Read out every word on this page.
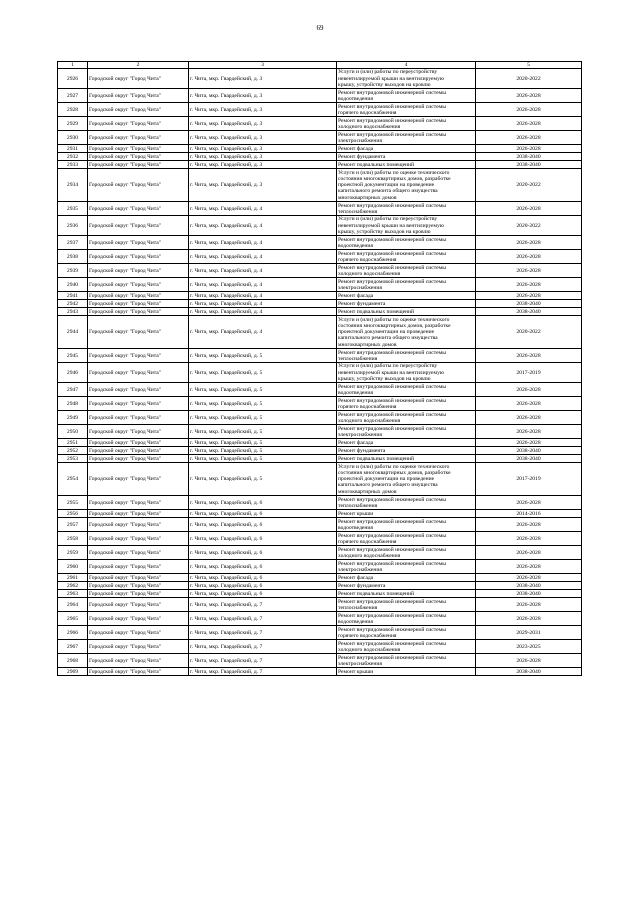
69
1	2	3	4	5
2926	Городской округ "Город Чита"	г. Чита, мкр. Гвардейский, д. 3	Услуги и (или) работы по переустройству
невентилируемой крыши на вентилируемую
крышу, устройству выходов на кровлю	2020-2022
2927	Городской округ "Город Чита"	г. Чита, мкр. Гвардейский, д. 3	Ремонт внутридомовой инженерной системы
водоотведения	2026-2028
2928	Городской округ "Город Чита"	г. Чита, мкр. Гвардейский, д. 3	Ремонт внутридомовой инженерной системы
горячего водоснабжения	2026-2028
2929	Городской округ "Город Чита"	г. Чита, мкр. Гвардейский, д. 3	Ремонт внутридомовой инженерной системы
холодного водоснабжения	2026-2028
2930	Городской округ "Город Чита"	г. Чита, мкр. Гвардейский, д. 3	Ремонт внутридомовой инженерной системы
электроснабжения	2026-2028
2931	Городской округ "Город Чита"	г. Чита, мкр. Гвардейский, д. 3	Ремонт фасада	2026-2028
2932	Городской округ "Город Чита"	г. Чита, мкр. Гвардейский, д. 3	Ремонт фундамента	2038-2040
2933	Городской округ "Город Чита"	г. Чита, мкр. Гвардейский, д. 3	Ремонт подвальных помещений	2038-2040
2934	Городской округ "Город Чита"	г. Чита, мкр. Гвардейский, д. 3	Услуги и (или) работы по оценке технического
состояния многоквартирных домов, разработке
проектной документации на проведение
капитального ремонта общего имущества
многоквартирных домов	2020-2022
2935	Городской округ "Город Чита"	г. Чита, мкр. Гвардейский, д. 4	Ремонт внутридомовой инженерной системы
теплоснабжения	2026-2028
2936	Городской округ "Город Чита"	г. Чита, мкр. Гвардейский, д. 4	Услуги и (или) работы по переустройству
невентилируемой крыши на вентилируемую
крышу, устройству выходов на кровлю	2020-2022
2937	Городской округ "Город Чита"	г. Чита, мкр. Гвардейский, д. 4	Ремонт внутридомовой инженерной системы
водоотведения	2026-2028
2938	Городской округ "Город Чита"	г. Чита, мкр. Гвардейский, д. 4	Ремонт внутридомовой инженерной системы
горячего водоснабжения	2026-2028
2939	Городской округ "Город Чита"	г. Чита, мкр. Гвардейский, д. 4	Ремонт внутридомовой инженерной системы
холодного водоснабжения	2026-2028
2940	Городской округ "Город Чита"	г. Чита, мкр. Гвардейский, д. 4	Ремонт внутридомовой инженерной системы
электроснабжения	2026-2028
2941	Городской округ "Город Чита"	г. Чита, мкр. Гвардейский, д. 4	Ремонт фасада	2026-2028
2942	Городской округ "Город Чита"	г. Чита, мкр. Гвардейский, д. 4	Ремонт фундамента	2038-2040
2943	Городской округ "Город Чита"	г. Чита, мкр. Гвардейский, д. 4	Ремонт подвальных помещений	2038-2040
2944	Городской округ "Город Чита"	г. Чита, мкр. Гвардейский, д. 4	Услуги и (или) работы по оценке технического
состояния многоквартирных домов, разработке
проектной документации на проведение
капитального ремонта общего имущества
многоквартирных домов	2020-2022
2945	Городской округ "Город Чита"	г. Чита, мкр. Гвардейский, д. 5	Ремонт внутридомовой инженерной системы
теплоснабжения	2026-2028
2946	Городской округ "Город Чита"	г. Чита, мкр. Гвардейский, д. 5	Услуги и (или) работы по переустройству
невентилируемой крыши на вентилируемую
крышу, устройству выходов на кровлю	2017-2019
2947	Городской округ "Город Чита"	г. Чита, мкр. Гвардейский, д. 5	Ремонт внутридомовой инженерной системы
водоотведения	2026-2028
2948	Городской округ "Город Чита"	г. Чита, мкр. Гвардейский, д. 5	Ремонт внутридомовой инженерной системы
горячего водоснабжения	2026-2028
2949	Городской округ "Город Чита"	г. Чита, мкр. Гвардейский, д. 5	Ремонт внутридомовой инженерной системы
холодного водоснабжения	2026-2028
2950	Городской округ "Город Чита"	г. Чита, мкр. Гвардейский, д. 5	Ремонт внутридомовой инженерной системы
электроснабжения	2026-2028
2951	Городской округ "Город Чита"	г. Чита, мкр. Гвардейский, д. 5	Ремонт фасада	2026-2028
2952	Городской округ "Город Чита"	г. Чита, мкр. Гвардейский, д. 5	Ремонт фундамента	2038-2040
2953	Городской округ "Город Чита"	г. Чита, мкр. Гвардейский, д. 5	Ремонт подвальных помещений	2038-2040
2954	Городской округ "Город Чита"	г. Чита, мкр. Гвардейский, д. 5	Услуги и (или) работы по оценке технического
состояния многоквартирных домов, разработке
проектной документации на проведение
капитального ремонта общего имущества
многоквартирных домов	2017-2019
2955	Городской округ "Город Чита"	г. Чита, мкр. Гвардейский, д. 6	Ремонт внутридомовой инженерной системы
теплоснабжения	2026-2028
2956	Городской округ "Город Чита"	г. Чита, мкр. Гвардейский, д. 6	Ремонт крыши	2014-2016
2957	Городской округ "Город Чита"	г. Чита, мкр. Гвардейский, д. 6	Ремонт внутридомовой инженерной системы
водоотведения	2026-2028
2958	Городской округ "Город Чита"	г. Чита, мкр. Гвардейский, д. 6	Ремонт внутридомовой инженерной системы
горячего водоснабжения	2026-2028
2959	Городской округ "Город Чита"	г. Чита, мкр. Гвардейский, д. 6	Ремонт внутридомовой инженерной системы
холодного водоснабжения	2026-2028
2960	Городской округ "Город Чита"	г. Чита, мкр. Гвардейский, д. 6	Ремонт внутридомовой инженерной системы
электроснабжения	2026-2028
2961	Городской округ "Город Чита"	г. Чита, мкр. Гвардейский, д. 6	Ремонт фасада	2026-2028
2962	Городской округ "Город Чита"	г. Чита, мкр. Гвардейский, д. 6	Ремонт фундамента	2038-2040
2963	Городской округ "Город Чита"	г. Чита, мкр. Гвардейский, д. 6	Ремонт подвальных помещений	2038-2040
2964	Городской округ "Город Чита"	г. Чита, мкр. Гвардейский, д. 7	Ремонт внутридомовой инженерной системы
теплоснабжения	2026-2028
2965	Городской округ "Город Чита"	г. Чита, мкр. Гвардейский, д. 7	Ремонт внутридомовой инженерной системы
водоотведения	2026-2028
2966	Городской округ "Город Чита"	г. Чита, мкр. Гвардейский, д. 7	Ремонт внутридомовой инженерной системы
горячего водоснабжения	2029-2031
2967	Городской округ "Город Чита"	г. Чита, мкр. Гвардейский, д. 7	Ремонт внутридомовой инженерной системы
холодного водоснабжения	2023-2025
2968	Городской округ "Город Чита"	г. Чита, мкр. Гвардейский, д. 7	Ремонт внутридомовой инженерной системы
электроснабжения	2026-2028
2969	Городской округ "Город Чита"	г. Чита, мкр. Гвардейский, д. 7	Ремонт крыши	2038-2040
